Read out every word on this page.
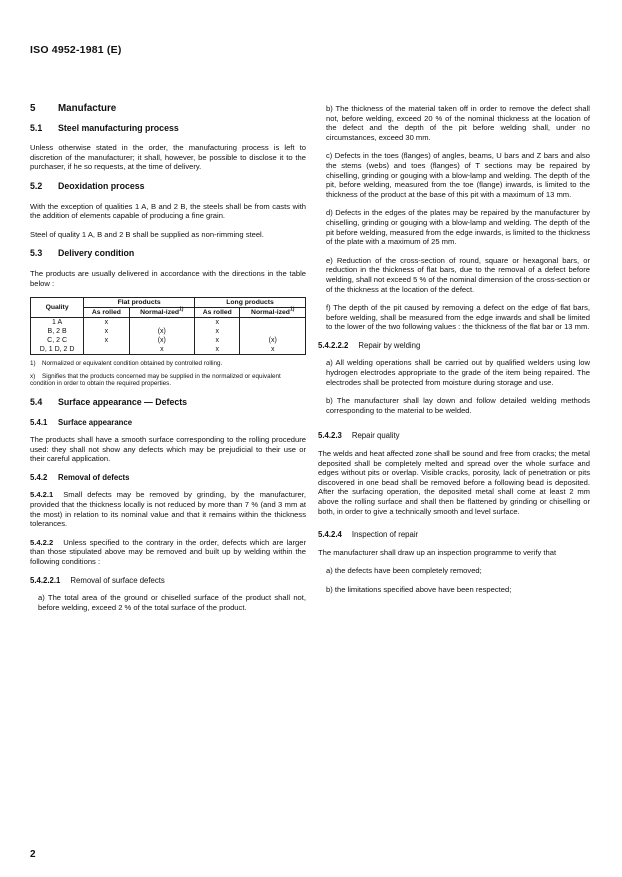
ISO 4952-1981 (E)
5 Manufacture
5.1 Steel manufacturing process

Unless otherwise stated in the order, the manufacturing process is left to discretion of the manufacturer; it shall, however, be possible to disclose it to the purchaser, if he so requests, at the time of delivery.

5.2 Deoxidation process

With the exception of qualities 1 A, B and 2 B, the steels shall be from casts with the addition of elements capable of producing a fine grain.

Steel of quality 1 A, B and 2 B shall be supplied as non-rimming steel.

5.3 Delivery condition

The products are usually delivered in accordance with the directions in the table below :

Quality	Flat products		Long products	
	As rolled	Normal-ized$^{1)}$	As rolled	Normal-ized$^{1)}$
1 A	x		x	
B, 2 B	x	(x)	x	
C, 2 C	x	(x)	x	(x)
D, 1 D, 2 D		x	x	x
1) Normalized or equivalent condition obtained by controlled rolling.
x) Signifies that the products concerned may be supplied in the normalized or equivalent condition in order to obtain the required properties.
5.4 Surface appearance — Defects
5.4.1 Surface appearance

The products shall have a smooth surface corresponding to the rolling procedure used: they shall not show any defects which may be prejudicial to their use or their careful application.

5.4.2 Removal of defects

5.4.2.1 Small defects may be removed by grinding, by the manufacturer, provided that the thickness locally is not reduced by more than 7 % (and 3 mm at the most) in relation to its nominal value and that it remains within the thickness tolerances.

5.4.2.2 Unless specified to the contrary in the order, defects which are larger than those stipulated above may be removed and built up by welding within the following conditions :

5.4.2.2.1 Removal of surface defects

a) The total area of the ground or chiselled surface of the product shall not, before welding, exceed 2 % of the total surface of the product.

b) The thickness of the material taken off in order to remove the defect shall not, before welding, exceed 20 % of the nominal thickness at the location of the defect and the depth of the pit before welding shall, under no circumstances, exceed 30 mm.

c) Defects in the toes (flanges) of angles, beams, U bars and Z bars and also the stems (webs) and toes (flanges) of T sections may be repaired by chiselling, grinding or gouging with a blow-lamp and welding. The depth of the pit, before welding, measured from the toe (flange) inwards, is limited to the thickness of the product at the base of this pit with a maximum of 13 mm.

d) Defects in the edges of the plates may be repaired by the manufacturer by chiselling, grinding or gouging with a blow-lamp and welding. The depth of the pit before welding, measured from the edge inwards, is limited to the thickness of the plate with a maximum of 25 mm.

e) Reduction of the cross-section of round, square or hexagonal bars, or reduction in the thickness of flat bars, due to the removal of a defect before welding, shall not exceed 5 % of the nominal dimension of the cross-section or of the thickness at the location of the defect.

f) The depth of the pit caused by removing a defect on the edge of flat bars, before welding, shall be measured from the edge inwards and shall be limited to the lower of the two following values : the thickness of the flat bar or 13 mm.

5.4.2.2.2 Repair by welding

a) All welding operations shall be carried out by qualified welders using low hydrogen electrodes appropriate to the grade of the item being repaired. The electrodes shall be protected from moisture during storage and use.

b) The manufacturer shall lay down and follow detailed welding methods corresponding to the material to be welded.

5.4.2.3 Repair quality

The welds and heat affected zone shall be sound and free from cracks; the metal deposited shall be completely melted and spread over the whole surface and edges without pits or overlap. Visible cracks, porosity, lack of penetration or pits discovered in one bead shall be removed before a following bead is deposited. After the surfacing operation, the deposited metal shall come at least 2 mm above the rolling surface and shall then be flattened by grinding or chiselling or both, in order to give a technically smooth and level surface.

5.4.2.4 Inspection of repair

The manufacturer shall draw up an inspection programme to verify that

a) the defects have been completely removed;

b) the limitations specified above have been respected;

2
